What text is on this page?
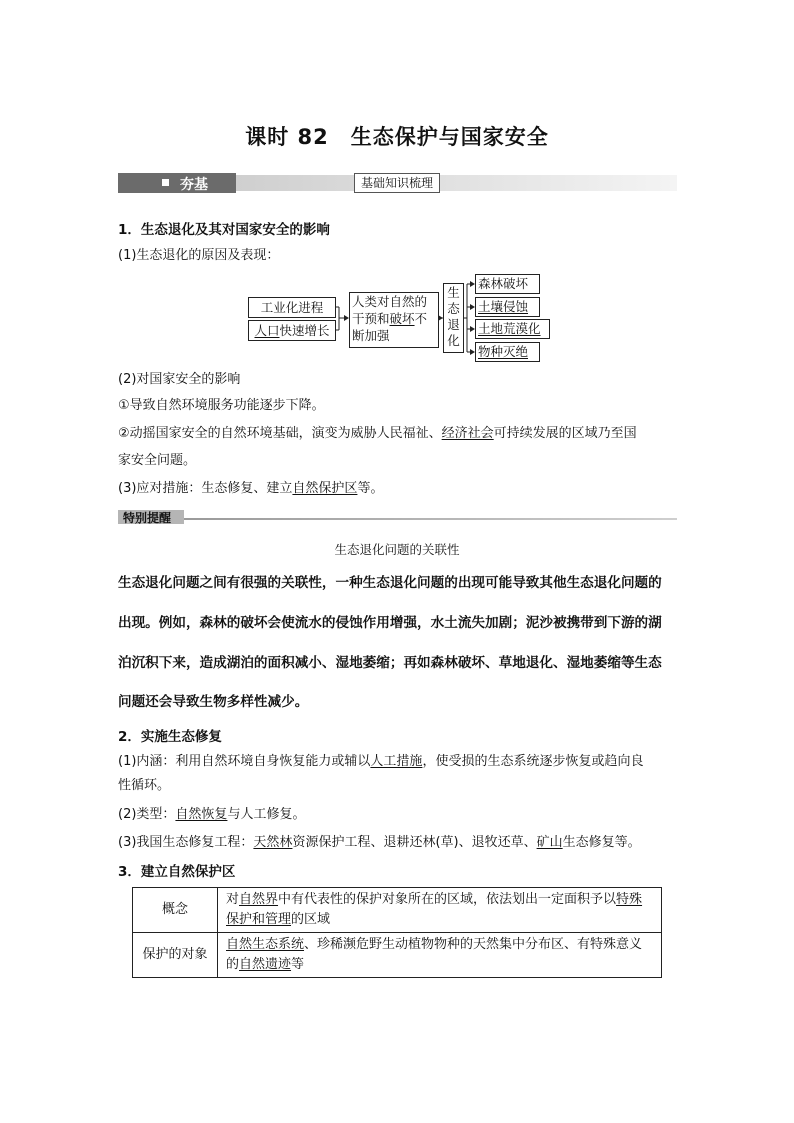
课时 82　生态保护与国家安全
夯基	基础知识梳理
1．生态退化及其对国家安全的影响
(1)生态退化的原因及表现：
工业化进程
人口快速增长
人类对自然的
干预和破坏不
断加强
生
态
退
化
森林破坏
土壤侵蚀
土地荒漠化
物种灭绝
(2)对国家安全的影响
①导致自然环境服务功能逐步下降。
②动摇国家安全的自然环境基础，演变为威胁人民福祉、经济社会可持续发展的区域乃至国
家安全问题。
(3)应对措施：生态修复、建立自然保护区等。
特别提醒
生态退化问题的关联性
生态退化问题之间有很强的关联性，一种生态退化问题的出现可能导致其他生态退化问题的
出现。例如，森林的破坏会使流水的侵蚀作用增强，水土流失加剧；泥沙被携带到下游的湖
泊沉积下来，造成湖泊的面积减小、湿地萎缩；再如森林破坏、草地退化、湿地萎缩等生态
问题还会导致生物多样性减少。
2．实施生态修复
(1)内涵：利用自然环境自身恢复能力或辅以人工措施，使受损的生态系统逐步恢复或趋向良
性循环。
(2)类型：自然恢复与人工修复。
(3)我国生态修复工程：天然林资源保护工程、退耕还林(草)、退牧还草、矿山生态修复等。
3．建立自然保护区
概念	对自然界中有代表性的保护对象所在的区域，依法划出一定面积予以特殊保护和管理的区域
保护的对象	自然生态系统、珍稀濒危野生动植物物种的天然集中分布区、有特殊意义的自然遗迹等
